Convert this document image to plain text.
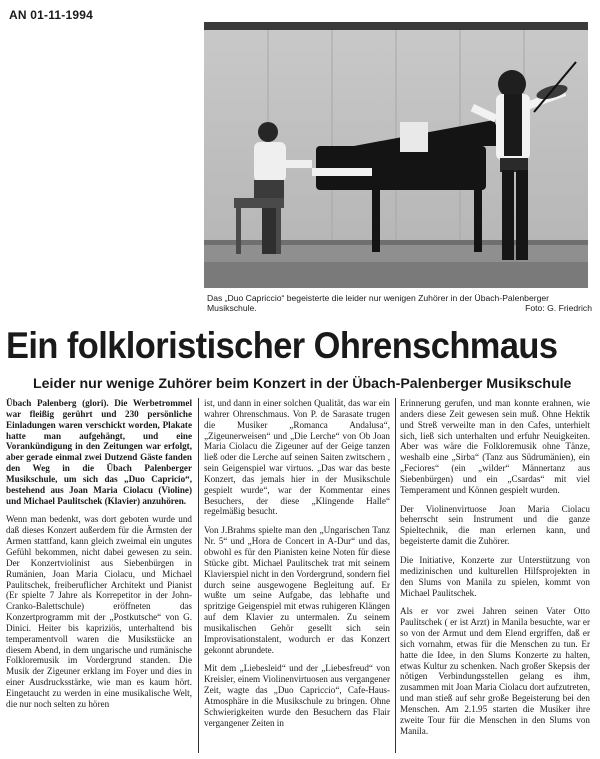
AN 01-11-1994
Das „Duo Capriccio“ begeisterte die leider nur wenigen Zuhörer in der Übach-Palenberger
Musikschule.	Foto: G. Friedrich
Ein folkloristischer Ohrenschmaus
Leider nur wenige Zuhörer beim Konzert in der Übach-Palenberger Musikschule

Übach Palenberg (glori). Die Werbetrommel war fleißig gerührt und 230 persönliche Einladungen waren verschickt worden, Plakate hatte man aufgehängt, und eine Vorankündigung in den Zeitungen war erfolgt, aber gerade einmal zwei Dutzend Gäste fanden den Weg in die Übach Palenberger Musikschule, um sich das „Duo Capricio“, bestehend aus Joan Maria Ciolacu (Violine) und Michael Paulitschek (Klavier) anzuhören.

Wenn man bedenkt, was dort geboten wurde und daß dieses Konzert außerdem für die Ärmsten der Armen stattfand, kann gleich zweimal ein ungutes Gefühl bekommen, nicht dabei gewesen zu sein. Der Konzertviolinist aus Siebenbürgen in Rumänien, Joan Maria Ciolacu, und Michael Paulitschek, freiberuflicher Architekt und Pianist (Er spielte 7 Jahre als Korrepetitor in der John-Cranko-Balettschule) eröffneten das Konzertprogramm mit der „Postkutsche“ von G. Dinici. Heiter bis kapriziös, unterhaltend bis temperamentvoll waren die Musikstücke an diesem Abend, in dem ungarische und rumänische Folkloremusik im Vordergrund standen. Die Musik der Zigeuner erklang im Foyer und dies in einer Ausdrucksstärke, wie man es kaum hört. Eingetaucht zu werden in eine musikalische Welt, die nur noch selten zu hören

ist, und dann in einer solchen Qualität, das war ein wahrer Ohrenschmaus. Von P. de Sarasate trugen die Musiker „Romanca Andalusa“, „Zigeunerweisen“ und „Die Lerche“ von Ob Joan Maria Ciolacu die Zigeuner auf der Geige tanzen ließ oder die Lerche auf seinen Saiten zwitschern , sein Geigenspiel war virtuos. „Das war das beste Konzert, das jemals hier in der Musikschule gespielt wurde“, war der Kommentar eines Besuchers, der diese „Klingende Halle“ regelmäßig besucht.

Von J.Brahms spielte man den „Ungarischen Tanz Nr. 5“ und „Hora de Concert in A-Dur“ und das, obwohl es für den Pianisten keine Noten für diese Stücke gibt. Michael Paulitschek trat mit seinem Klavierspiel nicht in den Vordergrund, sondern fiel durch seine ausgewogene Begleitung auf. Er wußte um seine Aufgabe, das lebhafte und spritzige Geigenspiel mit etwas ruhigeren Klängen auf dem Klavier zu untermalen. Zu seinem musikalischen Gehör gesellt sich sein Improvisationstalent, wodurch er das Konzert gekonnt abrundete.

Mit dem „Liebesleid“ und der „Liebesfreud“ von Kreisler, einem Violinenvirtuosen aus vergangener Zeit, wagte das „Duo Capriccio“, Cafe-Haus-Atmosphäre in die Musikschule zu bringen. Ohne Schwierigkeiten wurde den Besuchern das Flair vergangener Zeiten in

Erinnerung gerufen, und man konnte erahnen, wie anders diese Zeit gewesen sein muß. Ohne Hektik und Streß verweilte man in den Cafes, unterhielt sich, ließ sich unterhalten und erfuhr Neuigkeiten. Aber was wäre die Folkloremusik ohne Tänze, weshalb eine „Sirba“ (Tanz aus Südrumänien), ein „Feciores“ (ein „wilder“ Männertanz aus Siebenbürgen) und ein „Csardas“ mit viel Temperament und Können gespielt wurden.

Der Violinenvirtuose Joan Maria Ciolacu beherrscht sein Instrument und die ganze Spieltechnik, die man erlernen kann, und begeisterte damit die Zuhörer.

Die Initiative, Konzerte zur Unterstützung von medizinischen und kulturellen Hilfsprojekten in den Slums von Manila zu spielen, kommt von Michael Paulitschek.

Als er vor zwei Jahren seinen Vater Otto Paulitschek ( er ist Arzt) in Manila besuchte, war er so von der Armut und dem Elend ergriffen, daß er sich vornahm, etwas für die Menschen zu tun. Er hatte die Idee, in den Slums Konzerte zu halten, etwas Kultur zu schenken. Nach großer Skepsis der nötigen Verbindungsstellen gelang es ihm, zusammen mit Joan Maria Ciolacu dort aufzutreten, und man stieß auf sehr große Begeisterung bei den Menschen. Am 2.1.95 starten die Musiker ihre zweite Tour für die Menschen in den Slums von Manila.
